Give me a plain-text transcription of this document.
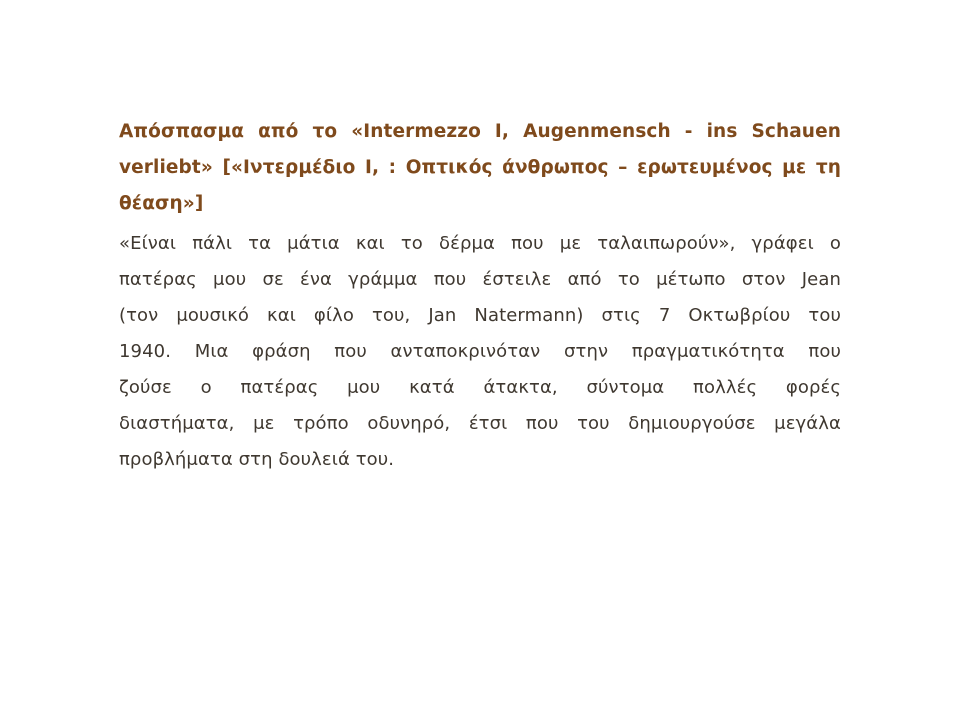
Απόσπασμα από το «Intermezzo I, Augenmensch - ins Schauen
verliebt» [«Ιντερμέδιο Ι, : Οπτικός άνθρωπος – ερωτευμένος με τη
θέαση»]
«Είναι πάλι τα μάτια και το δέρμα που με ταλαιπωρούν», γράφει ο
πατέρας μου σε ένα γράμμα που έστειλε από το μέτωπο στον Jean
(τον μουσικό και φίλο του, Jan Natermann) στις 7 Οκτωβρίου του
1940. Μια φράση που ανταποκρινόταν στην πραγματικότητα που
ζούσε ο πατέρας μου κατά άτακτα, σύντομα πολλές φορές
διαστήματα, με τρόπο οδυνηρό, έτσι που του δημιουργούσε μεγάλα
προβλήματα στη δουλειά του.
